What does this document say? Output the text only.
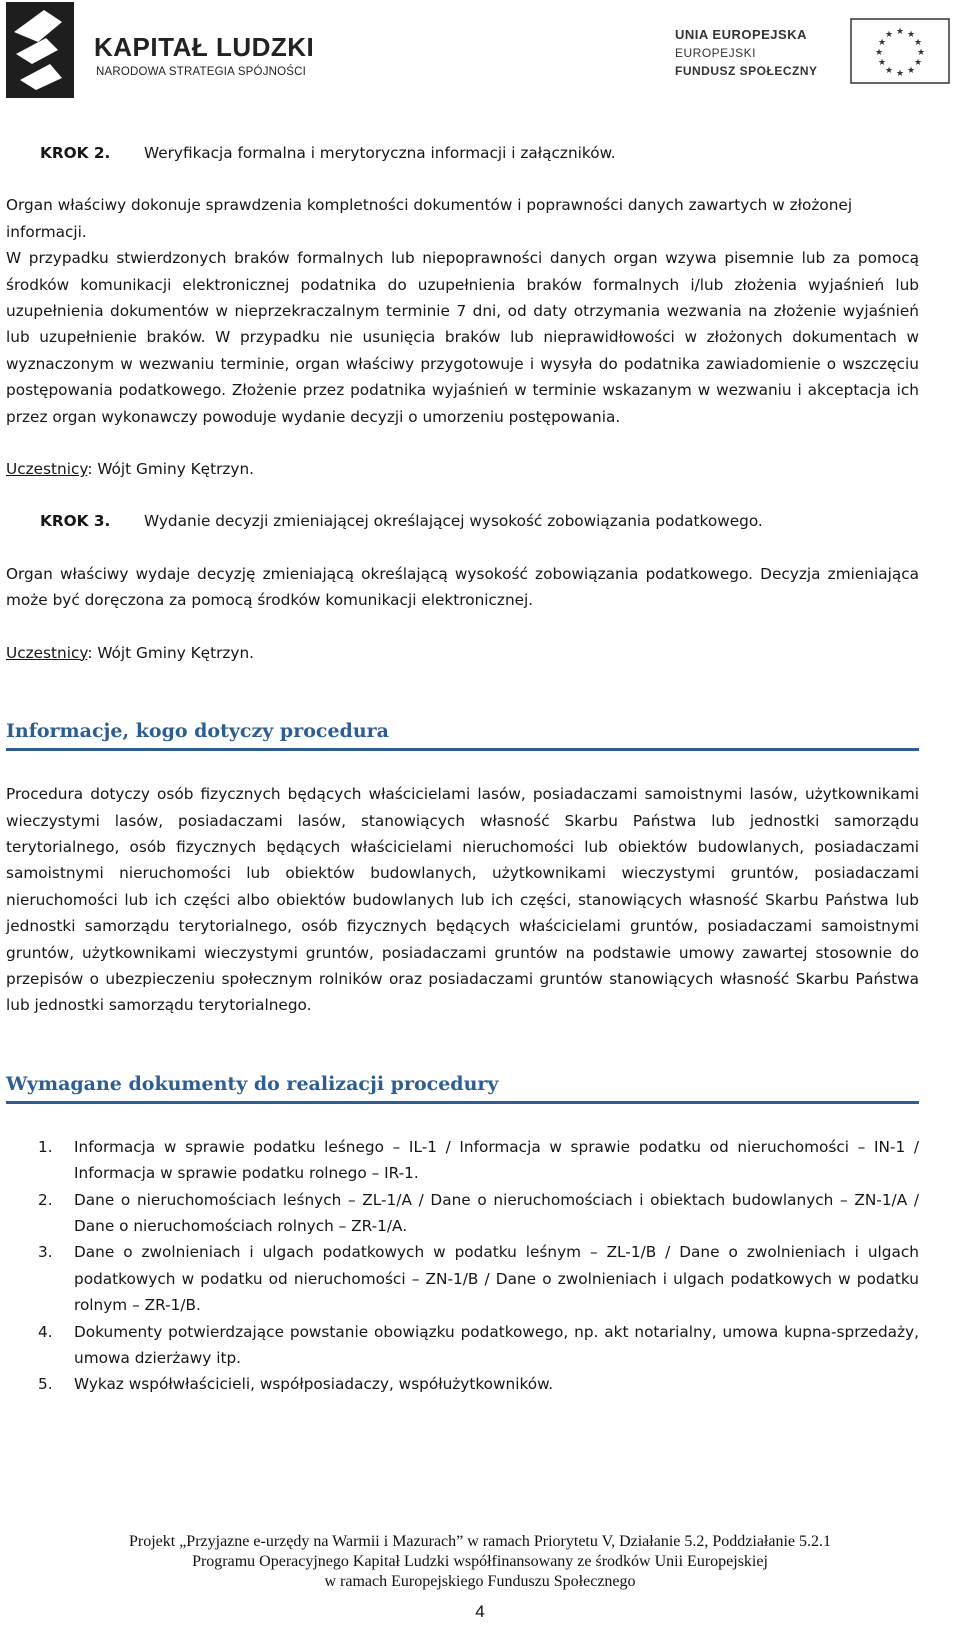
KAPITAŁ LUDZKI
NARODOWA STRATEGIA SPÓJNOŚCI
UNIA EUROPEJSKA
EUROPEJSKI
FUNDUSZ SPOŁECZNY
★ ★
★
★
★
★
★
★
★
★
★
★
KROK 2.	Weryfikacja formalna i merytoryczna informacji i załączników.

Organ właściwy dokonuje sprawdzenia kompletności dokumentów i poprawności danych zawartych w złożonej informacji.

W przypadku stwierdzonych braków formalnych lub niepoprawności danych organ wzywa pisemnie lub za pomocą środków komunikacji elektronicznej podatnika do uzupełnienia braków formalnych i/lub złożenia wyjaśnień lub uzupełnienia dokumentów w nieprzekraczalnym terminie 7 dni, od daty otrzymania wezwania na złożenie wyjaśnień lub uzupełnienie braków. W przypadku nie usunięcia braków lub nieprawidłowości w złożonych dokumentach w wyznaczonym w wezwaniu terminie, organ właściwy przygotowuje i wysyła do podatnika zawiadomienie o wszczęciu postępowania podatkowego. Złożenie przez podatnika wyjaśnień w terminie wskazanym w wezwaniu i akceptacja ich przez organ wykonawczy powoduje wydanie decyzji o umorzeniu postępowania.

Uczestnicy: Wójt Gminy Kętrzyn.

KROK 3.	Wydanie decyzji zmieniającej określającej wysokość zobowiązania podatkowego.

Organ właściwy wydaje decyzję zmieniającą określającą wysokość zobowiązania podatkowego. Decyzja zmieniająca może być doręczona za pomocą środków komunikacji elektronicznej.

Uczestnicy: Wójt Gminy Kętrzyn.

Informacje, kogo dotyczy procedura

Procedura dotyczy osób fizycznych będących właścicielami lasów, posiadaczami samoistnymi lasów, użytkownikami wieczystymi lasów, posiadaczami lasów, stanowiących własność Skarbu Państwa lub jednostki samorządu terytorialnego, osób fizycznych będących właścicielami nieruchomości lub obiektów budowlanych, posiadaczami samoistnymi nieruchomości lub obiektów budowlanych, użytkownikami wieczystymi gruntów, posiadaczami nieruchomości lub ich części albo obiektów budowlanych lub ich części, stanowiących własność Skarbu Państwa lub jednostki samorządu terytorialnego, osób fizycznych będących właścicielami gruntów, posiadaczami samoistnymi gruntów, użytkownikami wieczystymi gruntów, posiadaczami gruntów na podstawie umowy zawartej stosownie do przepisów o ubezpieczeniu społecznym rolników oraz posiadaczami gruntów stanowiących własność Skarbu Państwa lub jednostki samorządu terytorialnego.

Wymagane dokumenty do realizacji procedury
1.	Informacja w sprawie podatku leśnego – IL-1 / Informacja w sprawie podatku od nieruchomości – IN-1 / Informacja w sprawie podatku rolnego – IR-1.
2.	Dane o nieruchomościach leśnych – ZL-1/A / Dane o nieruchomościach i obiektach budowlanych – ZN-1/A / Dane o nieruchomościach rolnych – ZR-1/A.
3.	Dane o zwolnieniach i ulgach podatkowych w podatku leśnym – ZL-1/B / Dane o zwolnieniach i ulgach podatkowych w podatku od nieruchomości – ZN-1/B / Dane o zwolnieniach i ulgach podatkowych w podatku rolnym – ZR-1/B.
4.	Dokumenty potwierdzające powstanie obowiązku podatkowego, np. akt notarialny, umowa kupna-sprzedaży, umowa dzierżawy itp.
5.	Wykaz współwłaścicieli, współposiadaczy, współużytkowników.
Projekt „Przyjazne e-urzędy na Warmii i Mazurach” w ramach Priorytetu V, Działanie 5.2, Poddziałanie 5.2.1
Programu Operacyjnego Kapitał Ludzki współfinansowany ze środków Unii Europejskiej
w ramach Europejskiego Funduszu Społecznego
4
